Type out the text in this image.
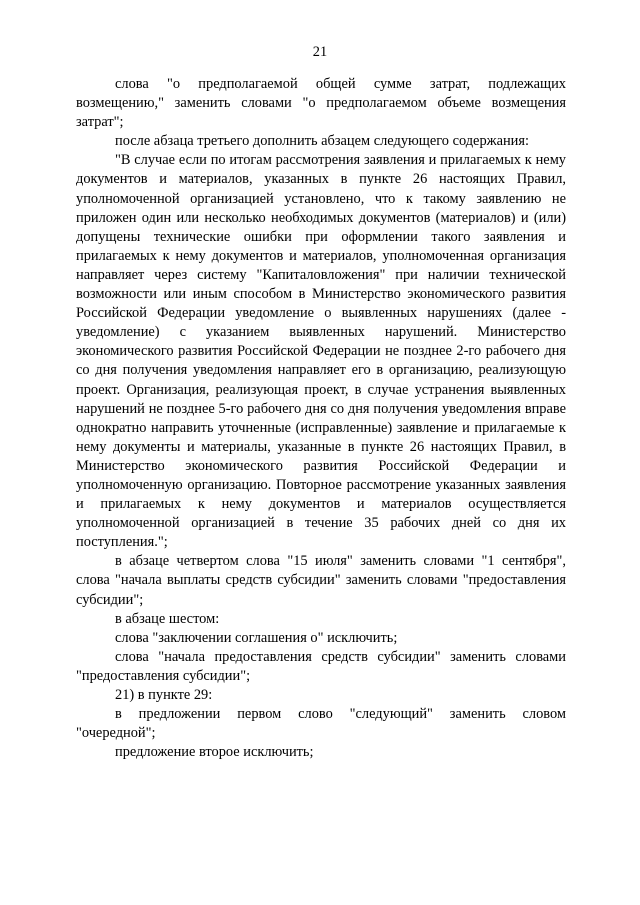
21

слова "о предполагаемой общей сумме затрат, подлежащих возмещению," заменить словами "о предполагаемом объеме возмещения затрат";

после абзаца третьего дополнить абзацем следующего содержания:

"В случае если по итогам рассмотрения заявления и прилагаемых к нему документов и материалов, указанных в пункте 26 настоящих Правил, уполномоченной организацией установлено, что к такому заявлению не приложен один или несколько необходимых документов (материалов) и (или) допущены технические ошибки при оформлении такого заявления и прилагаемых к нему документов и материалов, уполномоченная организация направляет через систему "Капиталовложения" при наличии технической возможности или иным способом в Министерство экономического развития Российской Федерации уведомление о выявленных нарушениях (далее - уведомление) с указанием выявленных нарушений. Министерство экономического развития Российской Федерации не позднее 2-го рабочего дня со дня получения уведомления направляет его в организацию, реализующую проект. Организация, реализующая проект, в случае устранения выявленных нарушений не позднее 5-го рабочего дня со дня получения уведомления вправе однократно направить уточненные (исправленные) заявление и прилагаемые к нему документы и материалы, указанные в пункте 26 настоящих Правил, в Министерство экономического развития Российской Федерации и уполномоченную организацию. Повторное рассмотрение указанных заявления и прилагаемых к нему документов и материалов осуществляется уполномоченной организацией в течение 35 рабочих дней со дня их поступления.";

в абзаце четвертом слова "15 июля" заменить словами "1 сентября", слова "начала выплаты средств субсидии" заменить словами "предоставления субсидии";

в абзаце шестом:

слова "заключении соглашения о" исключить;

слова "начала предоставления средств субсидии" заменить словами "предоставления субсидии";

21) в пункте 29:

в предложении первом слово "следующий" заменить словом "очередной";

предложение второе исключить;
